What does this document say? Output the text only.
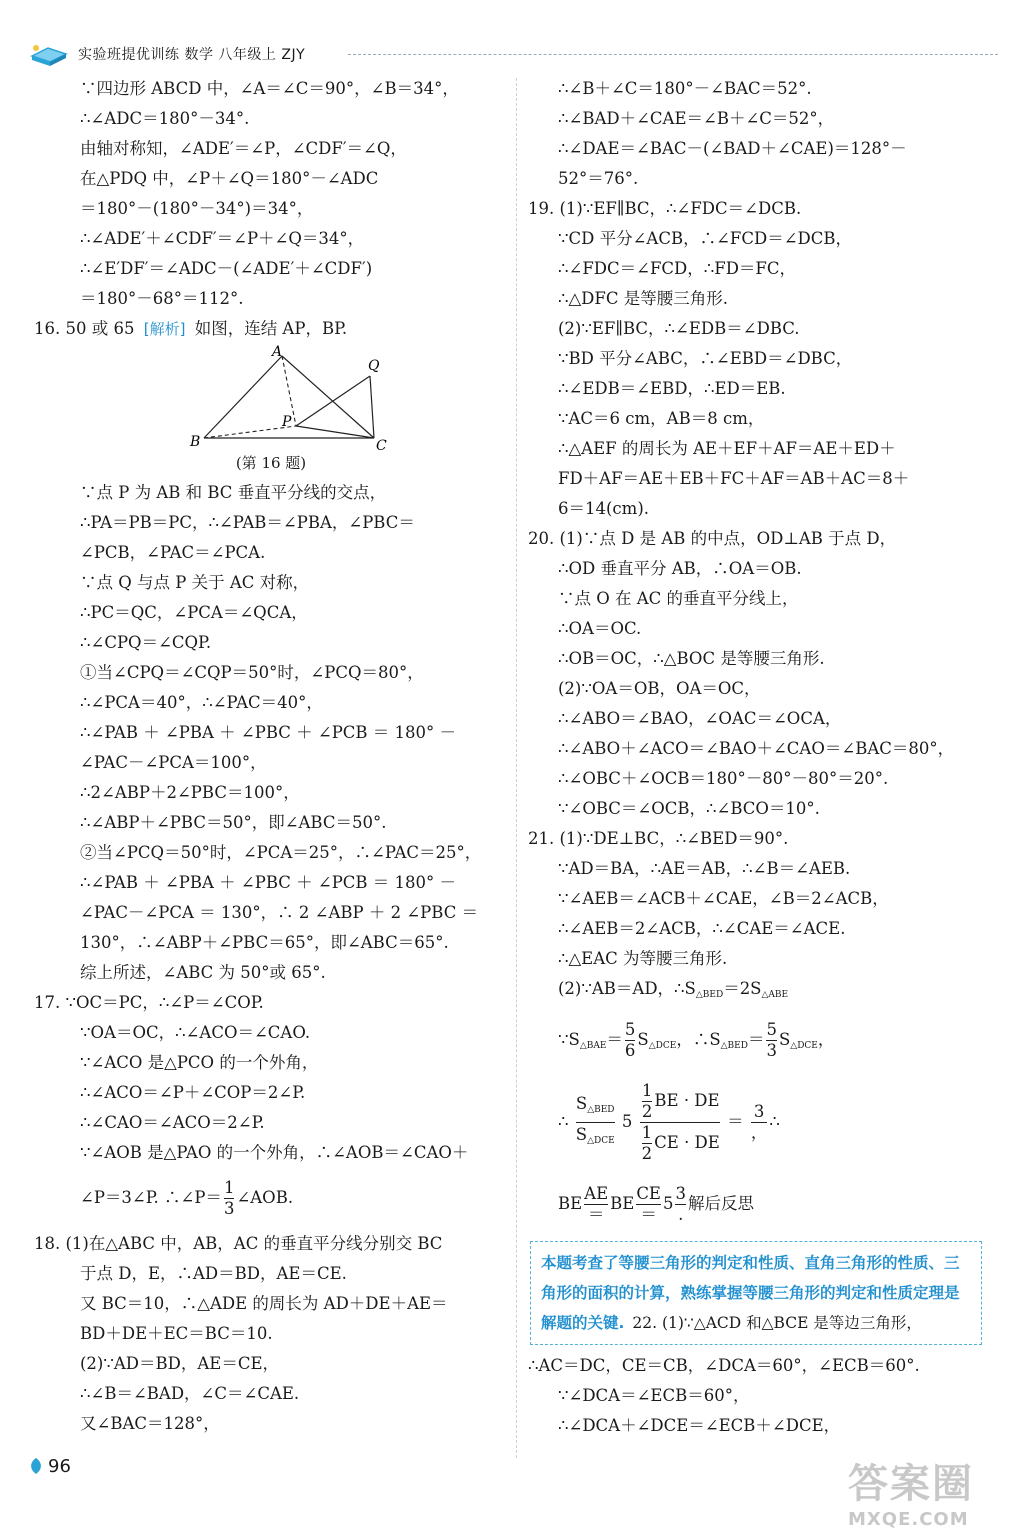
实验班提优训练 数学 八年级上 ZJY
∵四边形 ABCD 中，∠A＝∠C＝90°，∠B＝34°，
∴∠ADC＝180°－34°.
由轴对称知，∠ADE′＝∠P，∠CDF′＝∠Q，
在△PDQ 中，∠P＋∠Q＝180°－∠ADC
＝180°－(180°－34°)＝34°，
∴∠ADE′＋∠CDF′＝∠P＋∠Q＝34°，
∴∠E′DF′＝∠ADC－(∠ADE′＋∠CDF′)
＝180°－68°＝112°.
16. 50 或 65 [解析] 如图，连结 AP，BP.
A
Q
P
B	C
(第 16 题)
∵点 P 为 AB 和 BC 垂直平分线的交点，
∴PA＝PB＝PC，∴∠PAB＝∠PBA，∠PBC＝
∠PCB，∠PAC＝∠PCA.
∵点 Q 与点 P 关于 AC 对称，
∴PC＝QC，∠PCA＝∠QCA，
∴∠CPQ＝∠CQP.
①当∠CPQ＝∠CQP＝50°时，∠PCQ＝80°，
∴∠PCA＝40°，∴∠PAC＝40°，
∴∠PAB ＋ ∠PBA ＋ ∠PBC ＋ ∠PCB ＝ 180° －
∠PAC－∠PCA＝100°，
∴2∠ABP＋2∠PBC＝100°，
∴∠ABP＋∠PBC＝50°，即∠ABC＝50°.
②当∠PCQ＝50°时，∠PCA＝25°，∴∠PAC＝25°，
∴∠PAB ＋ ∠PBA ＋ ∠PBC ＋ ∠PCB ＝ 180° －
∠PAC－∠PCA ＝ 130°，∴ 2 ∠ABP ＋ 2 ∠PBC ＝
130°，∴∠ABP＋∠PBC＝65°，即∠ABC＝65°.
综上所述，∠ABC 为 50°或 65°.
17. ∵OC＝PC，∴∠P＝∠COP.
∵OA＝OC，∴∠ACO＝∠CAO.
∵∠ACO 是△PCO 的一个外角，
∴∠ACO＝∠P＋∠COP＝2∠P.
∴∠CAO＝∠ACO＝2∠P.
∵∠AOB 是△PAO 的一个外角，∴∠AOB＝∠CAO＋
∠P＝3∠P. ∴∠P＝ $\frac{1}{3}$ ∠AOB.
18. (1)在△ABC 中，AB，AC 的垂直平分线分别交 BC
于点 D，E，∴AD＝BD，AE＝CE.
又 BC＝10，∴△ADE 的周长为 AD＋DE＋AE＝
BD＋DE＋EC＝BC＝10.
(2)∵AD＝BD，AE＝CE，
∴∠B＝∠BAD，∠C＝∠CAE.
又∠BAC＝128°，
∴∠B＋∠C＝180°－∠BAC＝52°.
∴∠BAD＋∠CAE＝∠B＋∠C＝52°，
∴∠DAE＝∠BAC－(∠BAD＋∠CAE)＝128°－
52°＝76°.
19. (1)∵EF∥BC，∴∠FDC＝∠DCB.
∵CD 平分∠ACB，∴∠FCD＝∠DCB，
∴∠FDC＝∠FCD，∴FD＝FC，
∴△DFC 是等腰三角形.
(2)∵EF∥BC，∴∠EDB＝∠DBC.
∵BD 平分∠ABC，∴∠EBD＝∠DBC，
∴∠EDB＝∠EBD，∴ED＝EB.
∵AC＝6 cm，AB＝8 cm，
∴△AEF 的周长为 AE＋EF＋AF＝AE＋ED＋
FD＋AF＝AE＋EB＋FC＋AF＝AB＋AC＝8＋
6＝14(cm).
20. (1)∵点 D 是 AB 的中点，OD⊥AB 于点 D，
∴OD 垂直平分 AB，∴OA＝OB.
∵点 O 在 AC 的垂直平分线上，
∴OA＝OC.
∴OB＝OC，∴△BOC 是等腰三角形.
(2)∵OA＝OB，OA＝OC，
∴∠ABO＝∠BAO，∠OAC＝∠OCA，
∴∠ABO＋∠ACO＝∠BAO＋∠CAO＝∠BAC＝80°，
∴∠OBC＋∠OCB＝180°－80°－80°＝20°.
∵∠OBC＝∠OCB，∴∠BCO＝10°.
21. (1)∵DE⊥BC，∴∠BED＝90°.
∵AD＝BA，∴AE＝AB，∴∠B＝∠AEB.
∵∠AEB＝∠ACB＋∠CAE，∠B＝2∠ACB，
∴∠AEB＝2∠ACB，∴∠CAE＝∠ACE.
∴△EAC 为等腰三角形.
(2)∵AB＝AD，$\therefore S_{\triangle BED}=2S_{\triangle ABE}$
$\because S_{\triangle BAE}= \frac{5}{6} S_{\triangle DCE}$，$\therefore S_{\triangle BED}= \frac{5}{3} S_{\triangle DCE}$，
∴
$S_{\triangle BED}$
$S_{\triangle DCE}$
$5 \frac{\frac{1}{2} BE \cdot DE}{\frac{1}{2} CE \cdot DE}$ ＝
3
，
∴
BE
AE
＝
BE
CE
＝
5
3
.
解后反思
本题考查了等腰三角形的判定和性质、直角三角形的性质、三角形的面积的计算，熟练掌握等腰三角形的判定和性质定理是解题的关键. 22. (1)∵△ACD 和△BCE 是等边三角形，
∴AC＝DC，CE＝CB，∠DCA＝60°，∠ECB＝60°.
∵∠DCA＝∠ECB＝60°，
∴∠DCA＋∠DCE＝∠ECB＋∠DCE，
96	答案圈
MXQE.COM
